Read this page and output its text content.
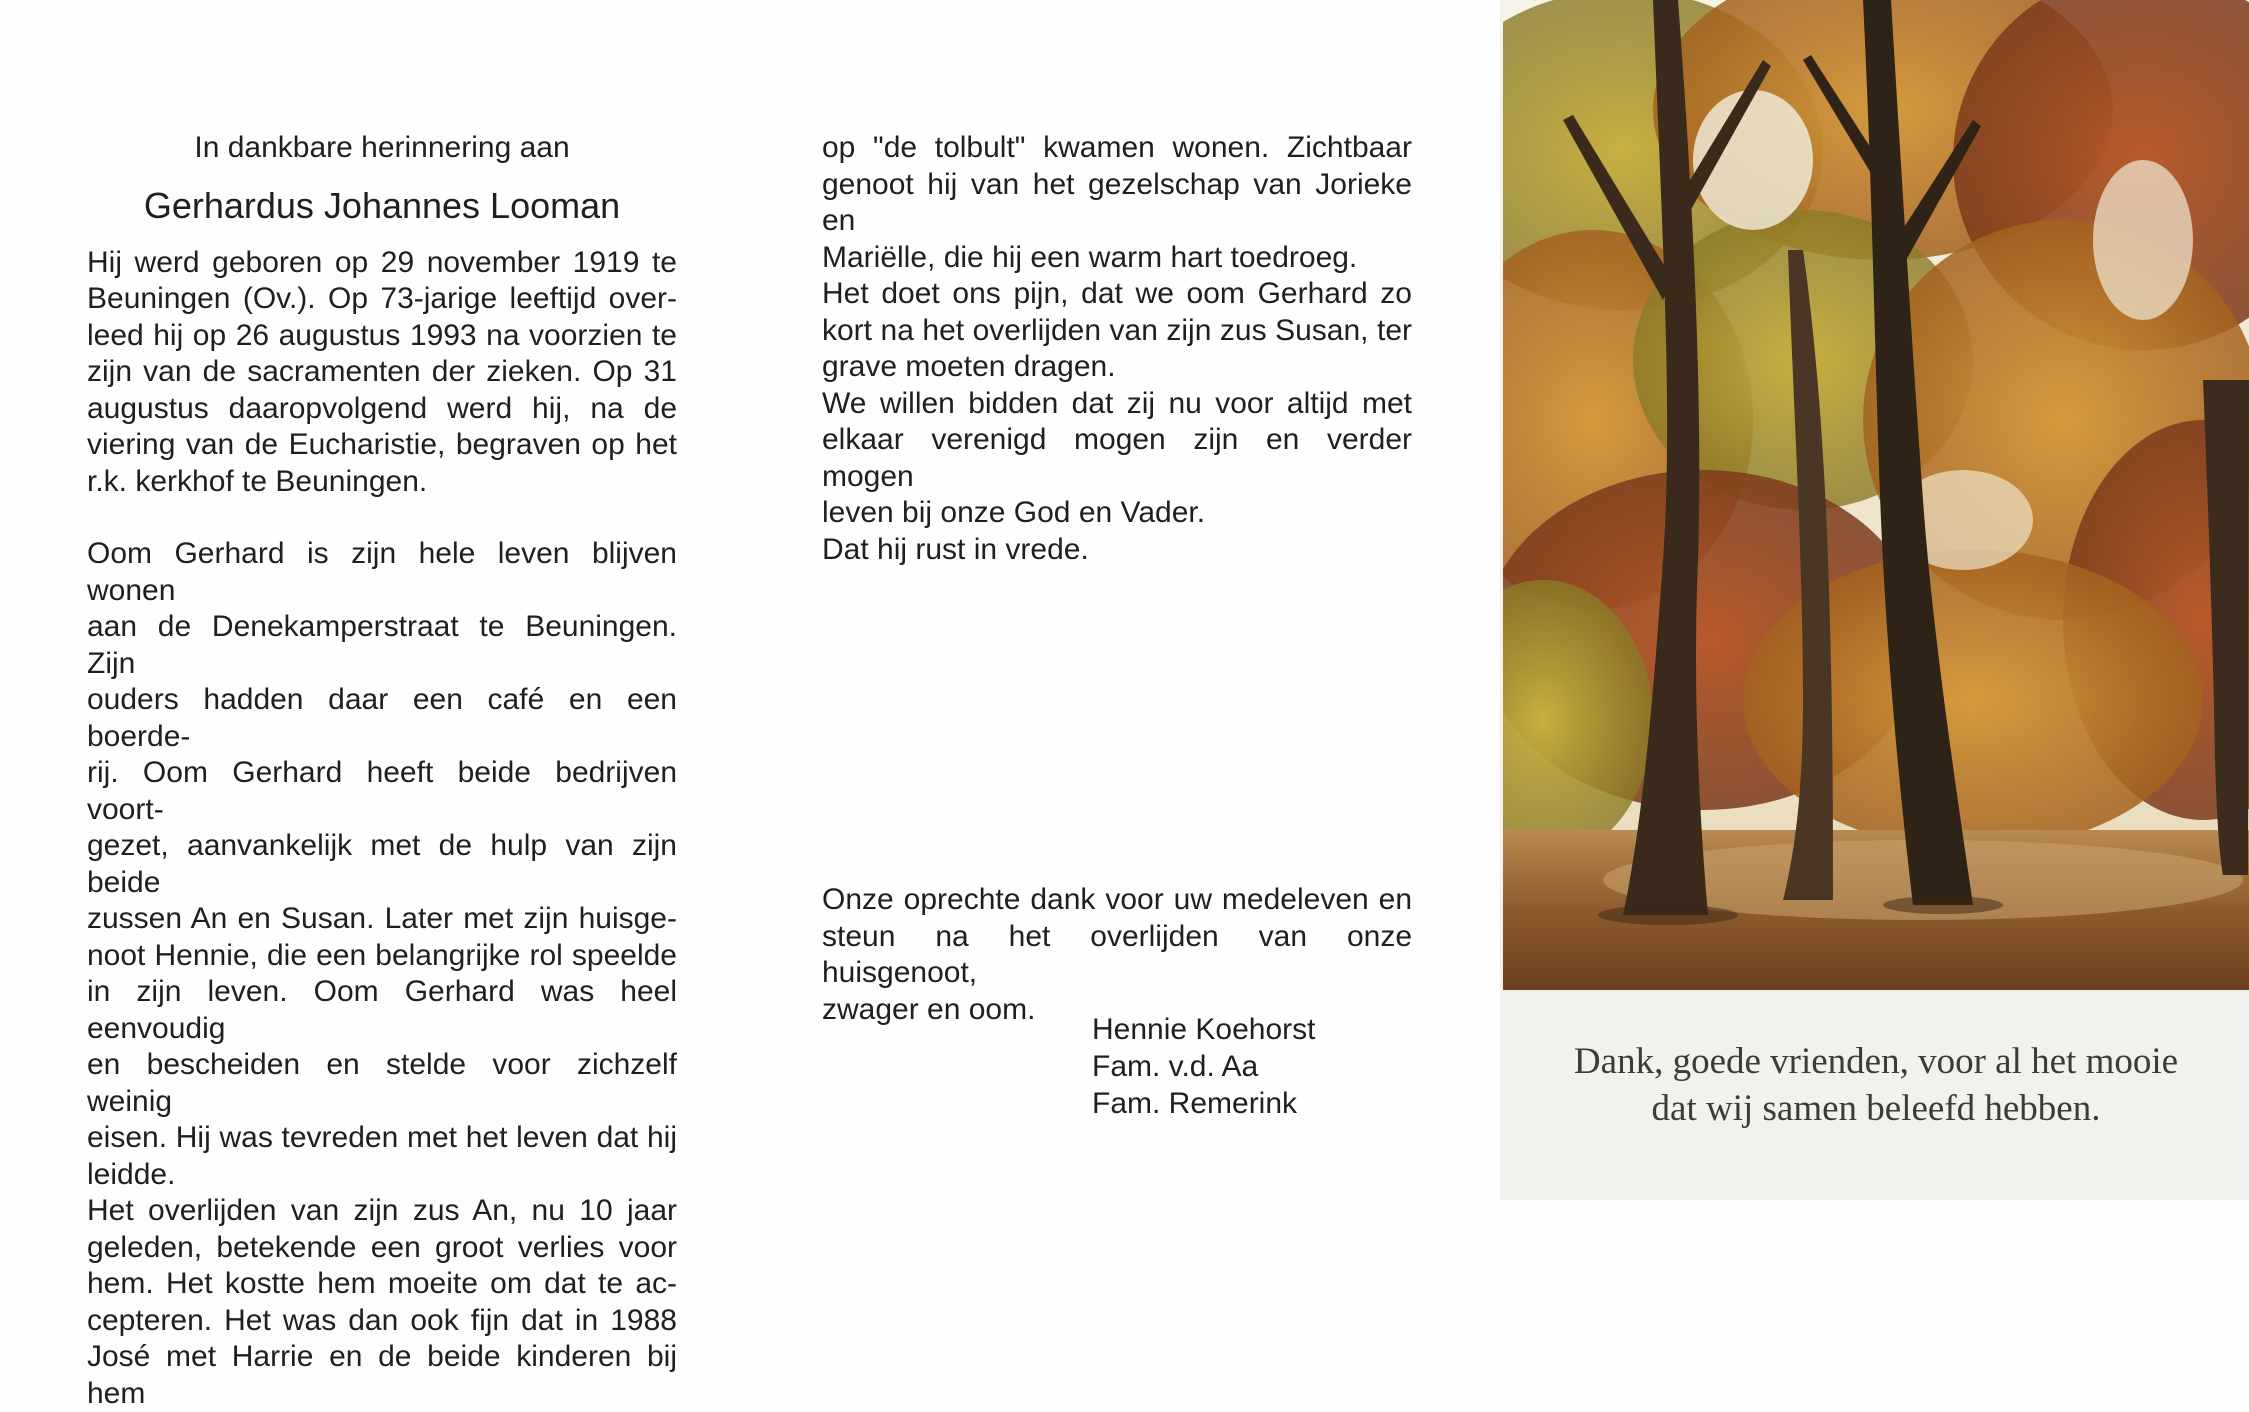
In dankbare herinnering aan
Gerhardus Johannes Looman
Hij werd geboren op 29 november 1919 te
Beuningen (Ov.). Op 73-jarige leeftijd over-
leed hij op 26 augustus 1993 na voorzien te
zijn van de sacramenten der zieken. Op 31
augustus daaropvolgend werd hij, na de
viering van de Eucharistie, begraven op het
r.k. kerkhof te Beuningen.
Oom Gerhard is zijn hele leven blijven wonen
aan de Denekamperstraat te Beuningen. Zijn
ouders hadden daar een café en een boerde-
rij. Oom Gerhard heeft beide bedrijven voort-
gezet, aanvankelijk met de hulp van zijn beide
zussen An en Susan. Later met zijn huisge-
noot Hennie, die een belangrijke rol speelde
in zijn leven. Oom Gerhard was heel eenvoudig
en bescheiden en stelde voor zichzelf weinig
eisen. Hij was tevreden met het leven dat hij
leidde.
Het overlijden van zijn zus An, nu 10 jaar
geleden, betekende een groot verlies voor
hem. Het kostte hem moeite om dat te ac-
cepteren. Het was dan ook fijn dat in 1988
José met Harrie en de beide kinderen bij hem
op "de tolbult" kwamen wonen. Zichtbaar
genoot hij van het gezelschap van Jorieke en
Mariëlle, die hij een warm hart toedroeg.
Het doet ons pijn, dat we oom Gerhard zo
kort na het overlijden van zijn zus Susan, ter
grave moeten dragen.
We willen bidden dat zij nu voor altijd met
elkaar verenigd mogen zijn en verder mogen
leven bij onze God en Vader.
Dat hij rust in vrede.
Onze oprechte dank voor uw medeleven en
steun na het overlijden van onze huisgenoot,
zwager en oom.
Hennie Koehorst
Fam. v.d. Aa
Fam. Remerink
Dank, goede vrienden, voor al het mooie
dat wij samen beleefd hebben.
